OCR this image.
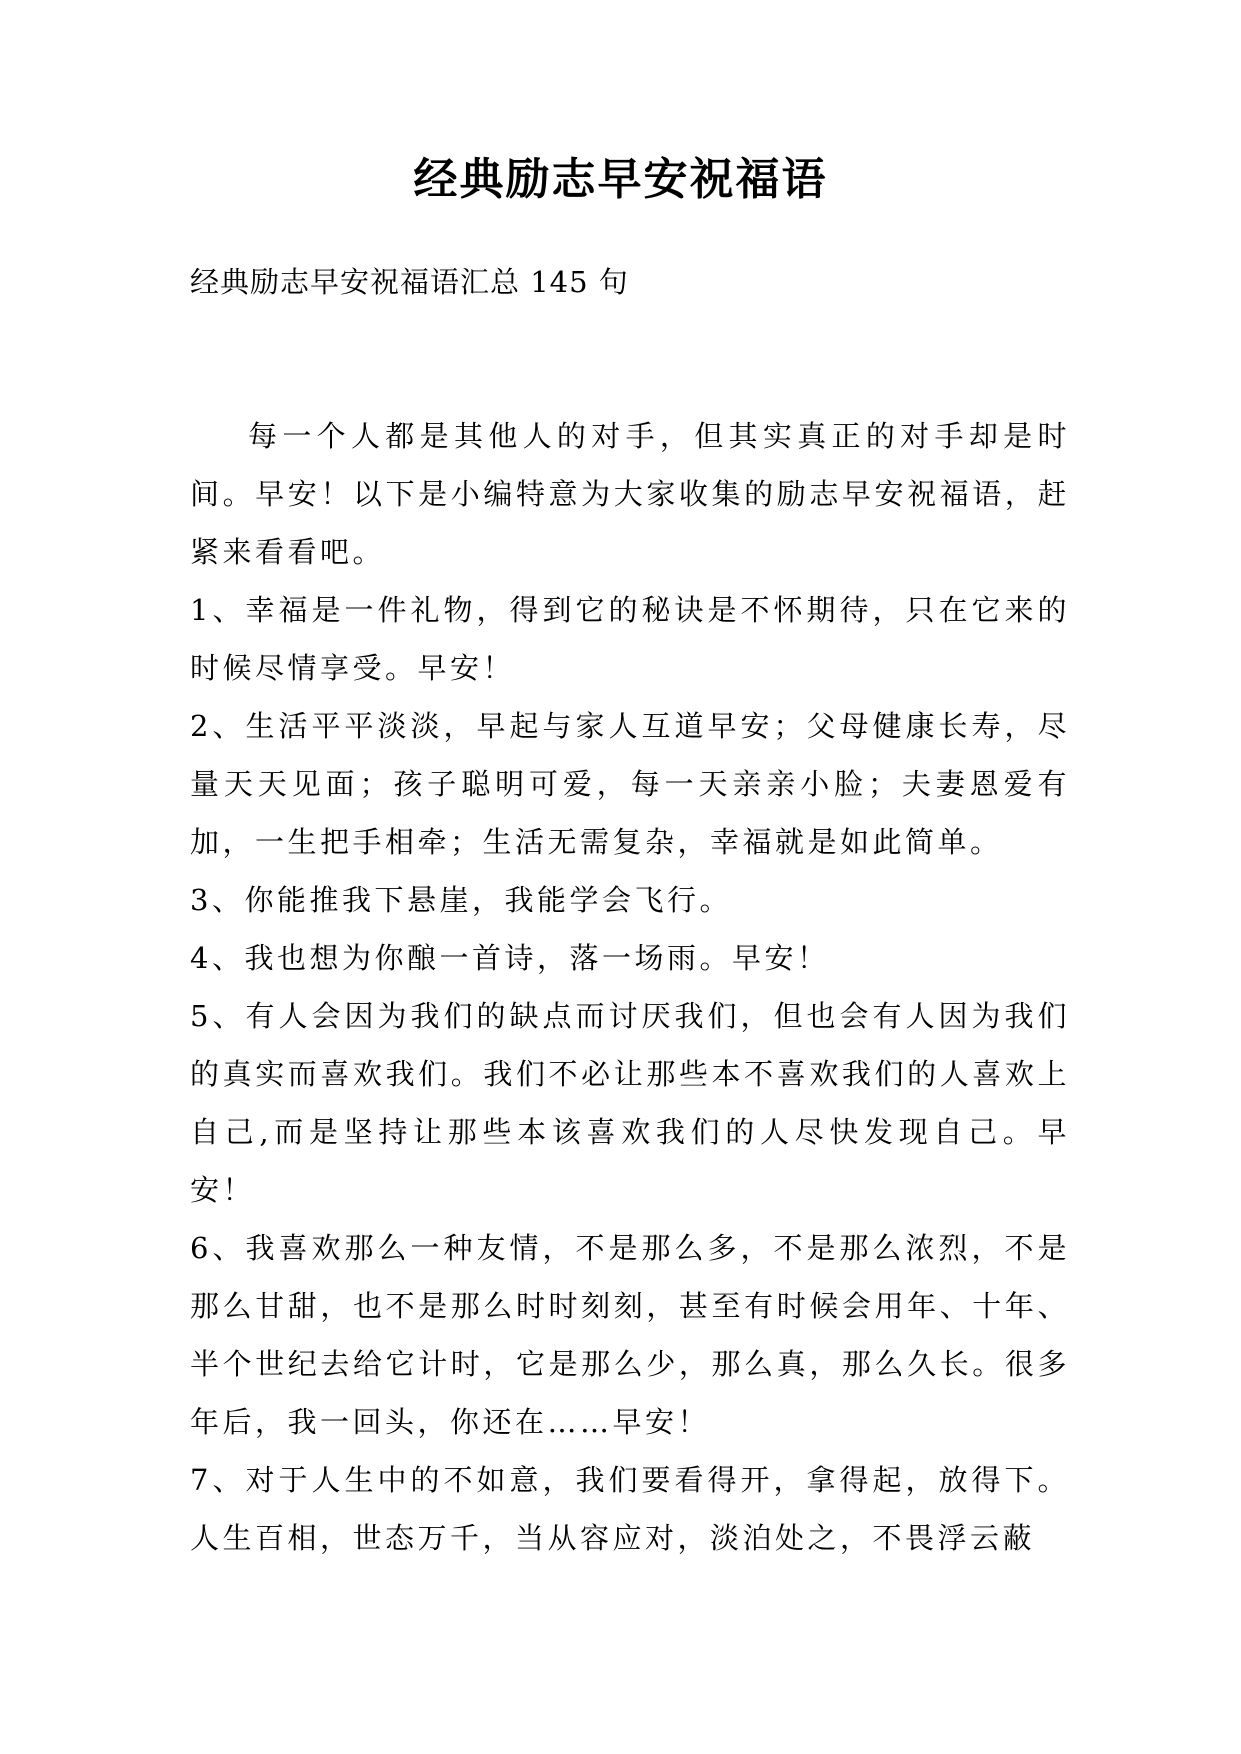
经典励志早安祝福语

经典励志早安祝福语汇总 145 句

每一个人都是其他人的对手，但其实真正的对手却是时间。早安！以下是小编特意为大家收集的励志早安祝福语，赶紧来看看吧。

1、幸福是一件礼物，得到它的秘诀是不怀期待，只在它来的时候尽情享受。早安！

2、生活平平淡淡，早起与家人互道早安；父母健康长寿，尽量天天见面；孩子聪明可爱，每一天亲亲小脸；夫妻恩爱有加，一生把手相牵；生活无需复杂，幸福就是如此简单。

3、你能推我下悬崖，我能学会飞行。

4、我也想为你酿一首诗，落一场雨。早安！

5、有人会因为我们的缺点而讨厌我们，但也会有人因为我们的真实而喜欢我们。我们不必让那些本不喜欢我们的人喜欢上自己,而是坚持让那些本该喜欢我们的人尽快发现自己。早安！

6、我喜欢那么一种友情，不是那么多，不是那么浓烈，不是那么甘甜，也不是那么时时刻刻，甚至有时候会用年、十年、半个世纪去给它计时，它是那么少，那么真，那么久长。很多年后，我一回头，你还在……早安！

7、对于人生中的不如意，我们要看得开，拿得起，放得下。人生百相，世态万千，当从容应对，淡泊处之，不畏浮云蔽
